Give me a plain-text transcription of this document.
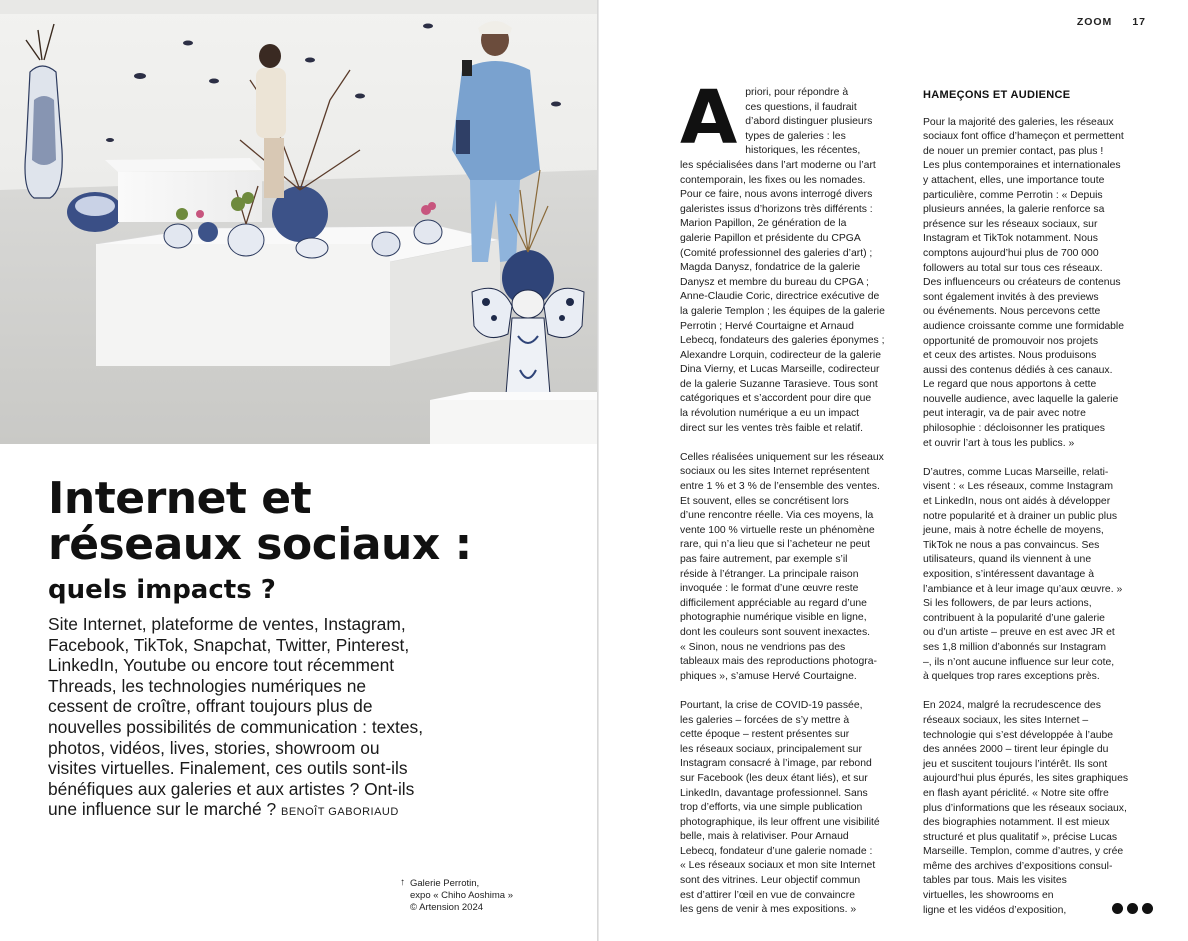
Internet et
réseaux sociaux :
quels impacts ?
Site Internet, plateforme de ventes, Instagram,
Facebook, TikTok, Snapchat, Twitter, Pinterest,
LinkedIn, Youtube ou encore tout récemment
Threads, les technologies numériques ne
cessent de croître, offrant toujours plus de
nouvelles possibilités de communication : textes,
photos, vidéos, lives, stories, showroom ou
visites virtuelles. Finalement, ces outils sont-ils
bénéfiques aux galeries et aux artistes ? Ont-ils
une influence sur le marché ? BENOÎT GABORIAUD
↑ Galerie Perrotin,
expo « Chiho Aoshima »
© Artension 2024
ZOOM 17

A priori, pour répondre à
ces questions, il faudrait
d’abord distinguer plusieurs
types de galeries : les
historiques, les récentes,
les spécialisées dans l’art moderne ou l’art
contemporain, les fixes ou les nomades.
Pour ce faire, nous avons interrogé divers
galeristes issus d’horizons très différents :
Marion Papillon, 2e génération de la
galerie Papillon et présidente du CPGA
(Comité professionnel des galeries d’art) ;
Magda Danysz, fondatrice de la galerie
Danysz et membre du bureau du CPGA ;
Anne-Claudie Coric, directrice exécutive de
la galerie Templon ; les équipes de la galerie
Perrotin ; Hervé Courtaigne et Arnaud
Lebecq, fondateurs des galeries éponymes ;
Alexandre Lorquin, codirecteur de la galerie
Dina Vierny, et Lucas Marseille, codirecteur
de la galerie Suzanne Tarasieve. Tous sont
catégoriques et s’accordent pour dire que
la révolution numérique a eu un impact
direct sur les ventes très faible et relatif.

Celles réalisées uniquement sur les réseaux
sociaux ou les sites Internet représentent
entre 1 % et 3 % de l’ensemble des ventes.
Et souvent, elles se concrétisent lors
d’une rencontre réelle. Via ces moyens, la
vente 100 % virtuelle reste un phénomène
rare, qui n’a lieu que si l’acheteur ne peut
pas faire autrement, par exemple s’il
réside à l’étranger. La principale raison
invoquée : le format d’une œuvre reste
difficilement appréciable au regard d’une
photographie numérique visible en ligne,
dont les couleurs sont souvent inexactes.
« Sinon, nous ne vendrions pas des
tableaux mais des reproductions photogra-
phiques », s’amuse Hervé Courtaigne.

Pourtant, la crise de COVID-19 passée,
les galeries – forcées de s’y mettre à
cette époque – restent présentes sur
les réseaux sociaux, principalement sur
Instagram consacré à l’image, par rebond
sur Facebook (les deux étant liés), et sur
LinkedIn, davantage professionnel. Sans
trop d’efforts, via une simple publication
photographique, ils leur offrent une visibilité
belle, mais à relativiser. Pour Arnaud
Lebecq, fondateur d’une galerie nomade :
« Les réseaux sociaux et mon site Internet
sont des vitrines. Leur objectif commun
est d’attirer l’œil en vue de convaincre
les gens de venir à mes expositions. »

HAMEÇONS ET AUDIENCE

Pour la majorité des galeries, les réseaux
sociaux font office d’hameçon et permettent
de nouer un premier contact, pas plus !
Les plus contemporaines et internationales
y attachent, elles, une importance toute
particulière, comme Perrotin : « Depuis
plusieurs années, la galerie renforce sa
présence sur les réseaux sociaux, sur
Instagram et TikTok notamment. Nous
comptons aujourd’hui plus de 700 000
followers au total sur tous ces réseaux.
Des influenceurs ou créateurs de contenus
sont également invités à des previews
ou événements. Nous percevons cette
audience croissante comme une formidable
opportunité de promouvoir nos projets
et ceux des artistes. Nous produisons
aussi des contenus dédiés à ces canaux.
Le regard que nous apportons à cette
nouvelle audience, avec laquelle la galerie
peut interagir, va de pair avec notre
philosophie : décloisonner les pratiques
et ouvrir l’art à tous les publics. »

D’autres, comme Lucas Marseille, relati-
visent : « Les réseaux, comme Instagram
et LinkedIn, nous ont aidés à développer
notre popularité et à drainer un public plus
jeune, mais à notre échelle de moyens,
TikTok ne nous a pas convaincus. Ses
utilisateurs, quand ils viennent à une
exposition, s’intéressent davantage à
l’ambiance et à leur image qu’aux œuvre. »
Si les followers, de par leurs actions,
contribuent à la popularité d’une galerie
ou d’un artiste – preuve en est avec JR et
ses 1,8 million d’abonnés sur Instagram
–, ils n’ont aucune influence sur leur cote,
à quelques trop rares exceptions près.

En 2024, malgré la recrudescence des
réseaux sociaux, les sites Internet –
technologie qui s’est développée à l’aube
des années 2000 – tirent leur épingle du
jeu et suscitent toujours l’intérêt. Ils sont
aujourd’hui plus épurés, les sites graphiques
en flash ayant périclité. « Notre site offre
plus d’informations que les réseaux sociaux,
des biographies notamment. Il est mieux
structuré et plus qualitatif », précise Lucas
Marseille. Templon, comme d’autres, y crée
même des archives d’expositions consul-
tables par tous. Mais les visites
virtuelles, les showrooms en
ligne et les vidéos d’exposition,
